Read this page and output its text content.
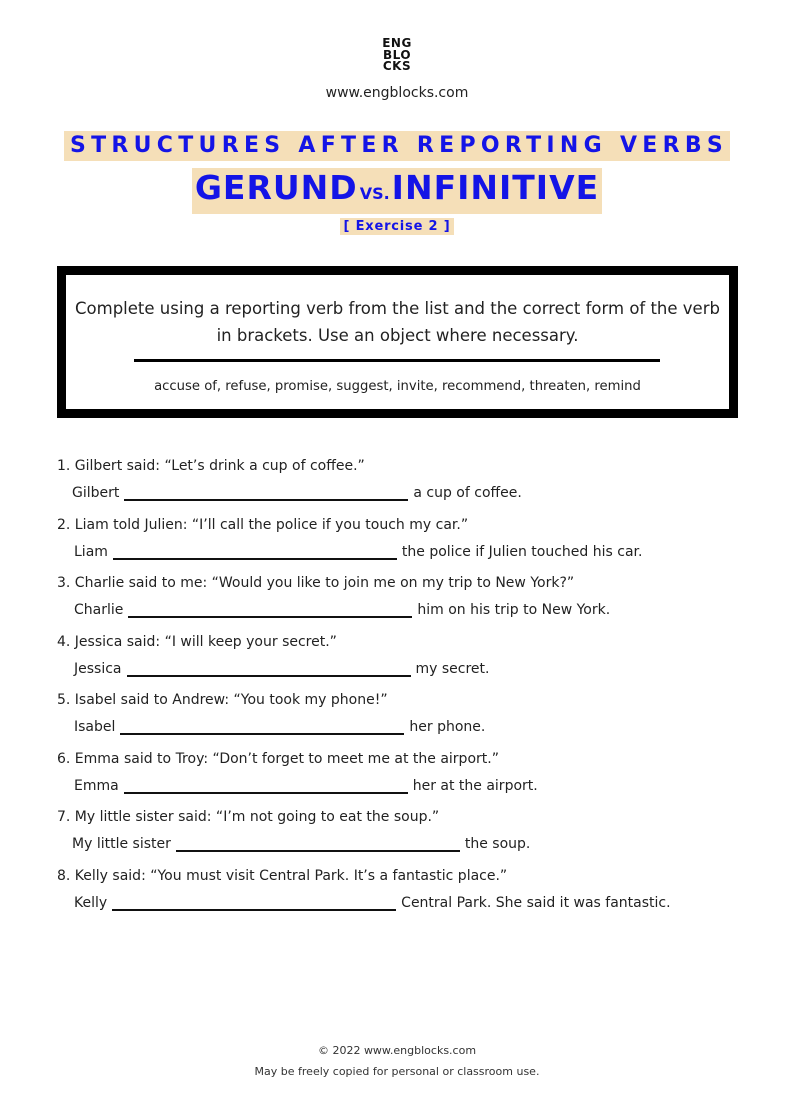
ENG
BLO
CKS
www.engblocks.com
STRUCTURES AFTER REPORTING VERBS
GERUND VS.INFINITIVE
[ Exercise 2 ]
Complete using a reporting verb from the list and the correct form of the verb in brackets. Use an object where necessary.
accuse of, refuse, promise, suggest, invite, recommend, threaten, remind
1. Gilbert said: “Let’s drink a cup of coffee.”
Gilbert	a cup of coffee.
2. Liam told Julien: “I’ll call the police if you touch my car.”
Liam	the police if Julien touched his car.
3. Charlie said to me: “Would you like to join me on my trip to New York?”
Charlie	him on his trip to New York.
4. Jessica said: “I will keep your secret.”
Jessica	my secret.
5. Isabel said to Andrew: “You took my phone!”
Isabel	her phone.
6. Emma said to Troy: “Don’t forget to meet me at the airport.”
Emma	her at the airport.
7. My little sister said: “I’m not going to eat the soup.”
My little sister	the soup.
8. Kelly said: “You must visit Central Park. It’s a fantastic place.”
Kelly	Central Park. She said it was fantastic.
© 2022 www.engblocks.com
May be freely copied for personal or classroom use.
